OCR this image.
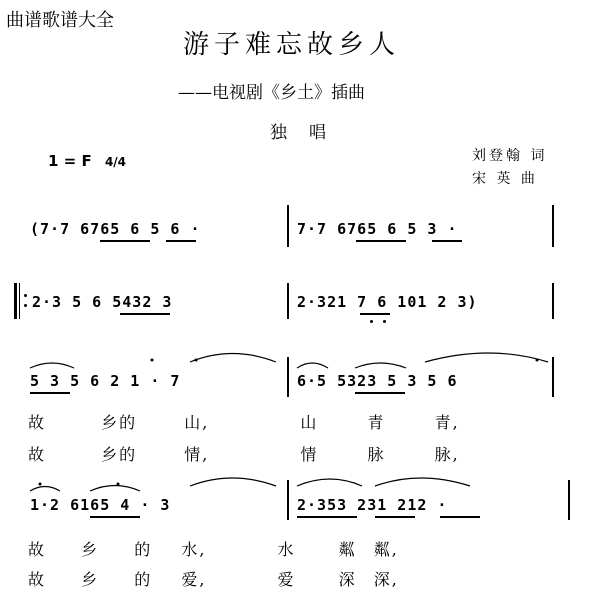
曲谱歌谱大全
游子难忘故乡人
——电视剧《乡土》插曲
独唱
1 = F 4/4	刘登翰 词
宋 英 曲
(7·7 6765 6 5 6 ·	7·7 6765 6 5 3 ·
2·3 5 6 5432 3	2·321 7 6 101 2 3)
5 3 5 6 2 1 · 7	6·5 5323 5 3 5 6
故	乡的	山,	山	青	青,
故	乡的	情,	情	脉	脉,
1·2 6165 4 · 3	2·353 231 212 ·
故 乡 的 水,	水	粼 粼,
故 乡 的 爱,	爱	深 深,
